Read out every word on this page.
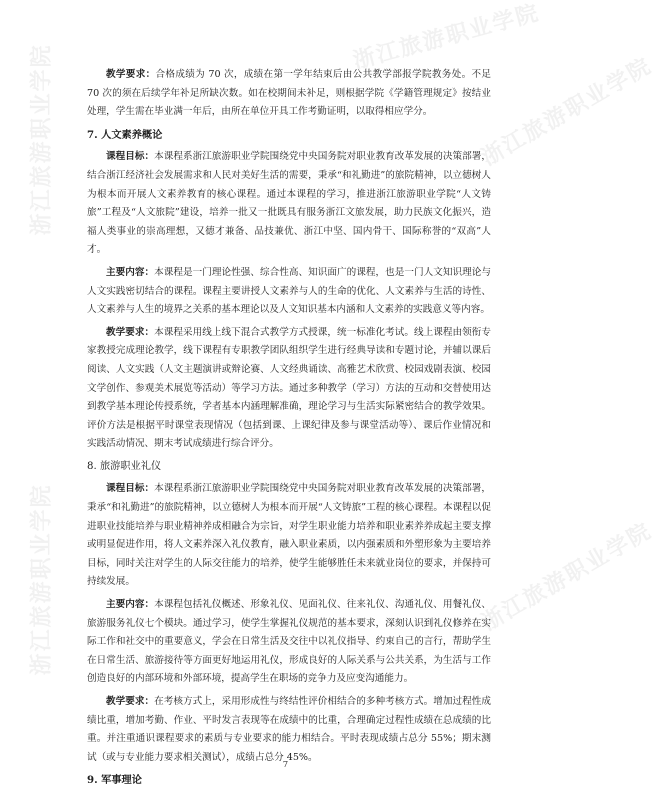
教学要求：合格成绩为 70 次，成绩在第一学年结束后由公共教学部报学院教务处。不足 70 次的须在后续学年补足所缺次数。如在校期间未补足，则根据学院《学籍管理规定》按结业处理，学生需在毕业满一年后，由所在单位开具工作考勤证明，以取得相应学分。

7. 人文素养概论

课程目标：本课程系浙江旅游职业学院围绕党中央国务院对职业教育改革发展的决策部署，结合浙江经济社会发展需求和人民对美好生活的需要，秉承“和礼勤进”的旅院精神，以立德树人为根本而开展人文素养教育的核心课程。通过本课程的学习，推进浙江旅游职业学院“人文铸旅”工程及“人文旅院”建设，培养一批又一批既具有服务浙江文旅发展，助力民族文化振兴，造福人类事业的崇高理想，又德才兼备、品技兼优、浙江中坚、国内骨干、国际称誉的“双高”人才。

主要内容：本课程是一门理论性强、综合性高、知识面广的课程，也是一门人文知识理论与人文实践密切结合的课程。课程主要讲授人文素养与人的生命的优化、人文素养与生活的诗性、人文素养与人生的境界之关系的基本理论以及人文知识基本内涵和人文素养的实践意义等内容。

教学要求：本课程采用线上线下混合式教学方式授课，统一标准化考试。线上课程由领衔专家教授完成理论教学，线下课程有专职教学团队组织学生进行经典导读和专题讨论，并辅以课后阅读、人文实践（人文主题演讲或辩论赛、人文经典诵读、高雅艺术欣赏、校园戏剧表演、校园文学创作、参观美术展览等活动）等学习方法。通过多种教学（学习）方法的互动和交替使用达到教学基本理论传授系统，学者基本内涵理解准确，理论学习与生活实际紧密结合的教学效果。评价方法是根据平时课堂表现情况（包括到课、上课纪律及参与课堂活动等）、课后作业情况和实践活动情况、期末考试成绩进行综合评分。

8. 旅游职业礼仪

课程目标：本课程系浙江旅游职业学院围绕党中央国务院对职业教育改革发展的决策部署，秉承“和礼勤进”的旅院精神，以立德树人为根本而开展“人文铸旅”工程的核心课程。本课程以促进职业技能培养与职业精神养成相融合为宗旨，对学生职业能力培养和职业素养养成起主要支撑或明显促进作用，将人文素养深入礼仪教育，融入职业素质，以内强素质和外塑形象为主要培养目标，同时关注对学生的人际交往能力的培养，使学生能够胜任未来就业岗位的要求，并保持可持续发展。

主要内容：本课程包括礼仪概述、形象礼仪、见面礼仪、往来礼仪、沟通礼仪、用餐礼仪、旅游服务礼仪七个模块。通过学习，使学生掌握礼仪规范的基本要求，深刻认识到礼仪修养在实际工作和社交中的重要意义，学会在日常生活及交往中以礼仪指导、约束自己的言行，帮助学生在日常生活、旅游接待等方面更好地运用礼仪，形成良好的人际关系与公共关系，为生活与工作创造良好的内部环境和外部环境，提高学生在职场的竞争力及应变沟通能力。

教学要求：在考核方式上，采用形成性与终结性评价相结合的多种考核方式。增加过程性成绩比重，增加考勤、作业、平时发言表现等在成绩中的比重，合理确定过程性成绩在总成绩的比重。并注重通识课程要求的素质与专业要求的能力相结合。平时表现成绩占总分 55%；期末测试（或与专业能力要求相关测试），成绩占总分 45%。

9. 军事理论
7
浙江旅游职业学院
浙江旅游职业学院
浙江旅游职业学院
浙江旅游职业学院
浙江旅游职业学院
